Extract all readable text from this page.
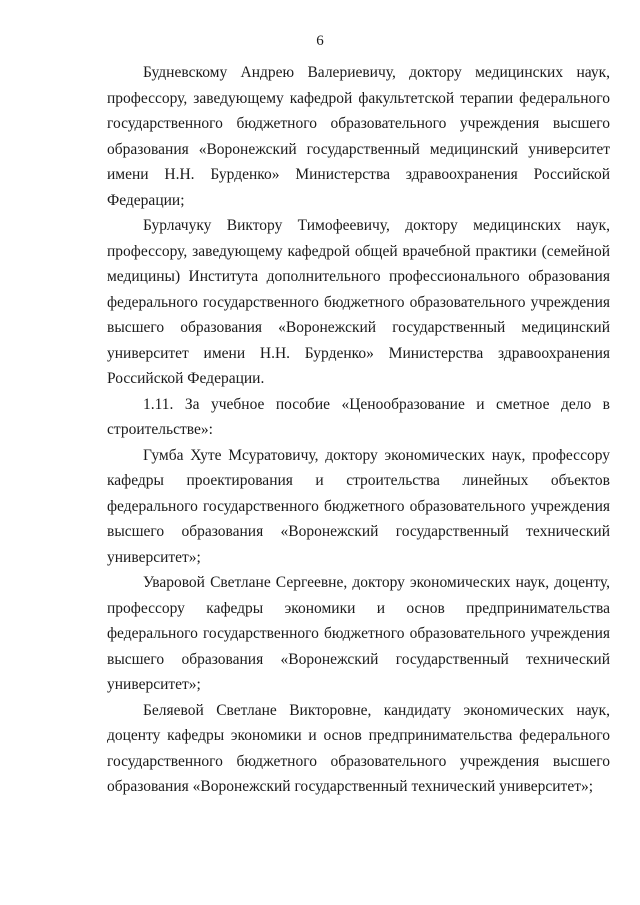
6

Будневскому Андрею Валериевичу, доктору медицинских наук, профессору, заведующему кафедрой факультетской терапии федерального государственного бюджетного образовательного учреждения высшего образования «Воронежский государственный медицинский университет имени Н.Н. Бурденко» Министерства здравоохранения Российской Федерации;

Бурлачуку Виктору Тимофеевичу, доктору медицинских наук, профессору, заведующему кафедрой общей врачебной практики (семейной медицины) Института дополнительного профессионального образования федерального государственного бюджетного образовательного учреждения высшего образования «Воронежский государственный медицинский университет имени Н.Н. Бурденко» Министерства здравоохранения Российской Федерации.

1.11. За учебное пособие «Ценообразование и сметное дело в строительстве»:

Гумба Хуте Мсуратовичу, доктору экономических наук, профессору кафедры проектирования и строительства линейных объектов федерального государственного бюджетного образовательного учреждения высшего образования «Воронежский государственный технический университет»;

Уваровой Светлане Сергеевне, доктору экономических наук, доценту, профессору кафедры экономики и основ предпринимательства федерального государственного бюджетного образовательного учреждения высшего образования «Воронежский государственный технический университет»;

Беляевой Светлане Викторовне, кандидату экономических наук, доценту кафедры экономики и основ предпринимательства федерального государственного бюджетного образовательного учреждения высшего образования «Воронежский государственный технический университет»;
